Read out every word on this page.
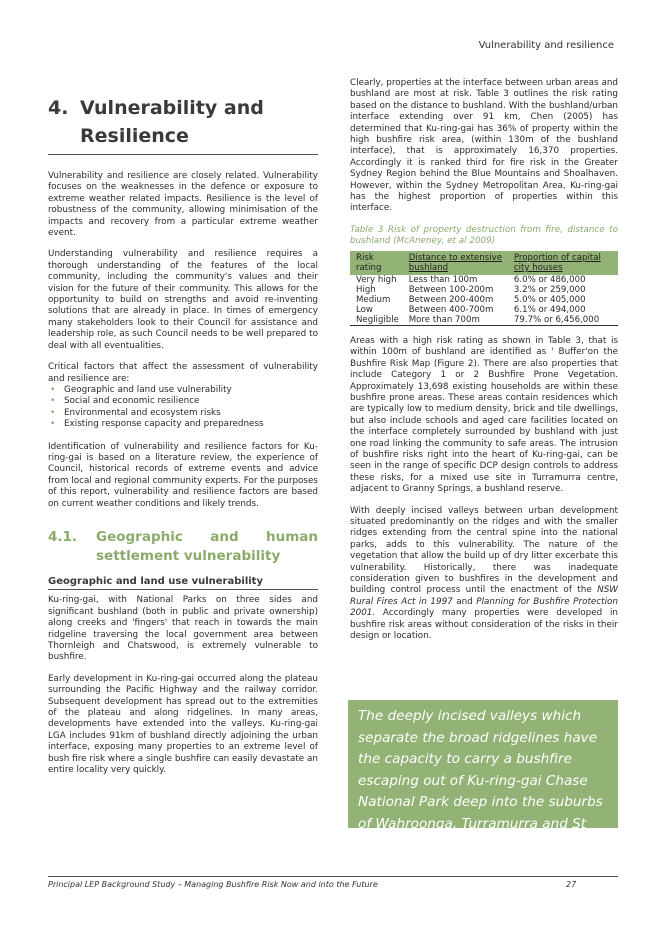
Vulnerability and resilience
4. Vulnerability and Resilience

Vulnerability and resilience are closely related. Vulnerability focuses on the weaknesses in the defence or exposure to extreme weather related impacts. Resilience is the level of robustness of the community, allowing minimisation of the impacts and recovery from a particular extreme weather event.

Understanding vulnerability and resilience requires a thorough understanding of the features of the local community, including the community's values and their vision for the future of their community. This allows for the opportunity to build on strengths and avoid re-inventing solutions that are already in place. In times of emergency many stakeholders look to their Council for assistance and leadership role, as such Council needs to be well prepared to deal with all eventualities.

Critical factors that affect the assessment of vulnerability and resilience are:

• Geographic and land use vulnerability
• Social and economic resilience
• Environmental and ecosystem risks
• Existing response capacity and preparedness

Identification of vulnerability and resilience factors for Ku-ring-gai is based on a literature review, the experience of Council, historical records of extreme events and advice from local and regional community experts. For the purposes of this report, vulnerability and resilience factors are based on current weather conditions and likely trends.

4.1.	Geographic and human settlement vulnerability
Geographic and land use vulnerability

Ku-ring-gai, with National Parks on three sides and significant bushland (both in public and private ownership) along creeks and 'fingers' that reach in towards the main ridgeline traversing the local government area between Thornleigh and Chatswood, is extremely vulnerable to bushfire.

Early development in Ku-ring-gai occurred along the plateau surrounding the Pacific Highway and the railway corridor. Subsequent development has spread out to the extremities of the plateau and along ridgelines. In many areas, developments have extended into the valleys. Ku-ring-gai LGA includes 91km of bushland directly adjoining the urban interface, exposing many properties to an extreme level of bush fire risk where a single bushfire can easily devastate an entire locality very quickly.

Clearly, properties at the interface between urban areas and bushland are most at risk. Table 3 outlines the risk rating based on the distance to bushland. With the bushland/urban interface extending over 91 km, Chen (2005) has determined that Ku-ring-gai has 36% of property within the high bushfire risk area, (within 130m of the bushland interface), that is approximately 16,370 properties. Accordingly it is ranked third for fire risk in the Greater Sydney Region behind the Blue Mountains and Shoalhaven. However, within the Sydney Metropolitan Area, Ku-ring-gai has the highest proportion of properties within this interface.

Table 3 Risk of property destruction from fire, distance to bushland (McAneney, et al 2009)
Risk rating	Distance to extensive bushland	Proportion of capital city houses
Very high	Less than 100m	6.0% or 486,000
High	Between 100-200m	3.2% or 259,000
Medium	Between 200-400m	5.0% or 405,000
Low	Between 400-700m	6.1% or 494,000
Negligible	More than 700m	79.7% or 6,456,000

Areas with a high risk rating as shown in Table 3, that is within 100m of bushland are identified as ' Buffer'on the Bushfire Risk Map (Figure 2). There are also properties that include Category 1 or 2 Bushfire Prone Vegetation. Approximately 13,698 existing households are within these bushfire prone areas. These areas contain residences which are typically low to medium density, brick and tile dwellings, but also include schools and aged care facilities located on the interface completely surrounded by bushland with just one road linking the community to safe areas. The intrusion of bushfire risks right into the heart of Ku-ring-gai, can be seen in the range of specific DCP design controls to address these risks, for a mixed use site in Turramurra centre, adjacent to Granny Springs, a bushland reserve.

With deeply incised valleys between urban development situated predominantly on the ridges and with the smaller ridges extending from the central spine into the national parks, adds to this vulnerability. The nature of the vegetation that allow the build up of dry litter excerbate this vulnerability. Historically, there was inadequate consideration given to bushfires in the development and building control process until the enactment of the NSW Rural Fires Act in 1997 and Planning for Bushfire Protection 2001. Accordingly many properties were developed in bushfire risk areas without consideration of the risks in their design or location.

The deeply incised valleys which separate the broad ridgelines have the capacity to carry a bushfire escaping out of Ku-ring-gai Chase National Park deep into the suburbs of Wahroonga, Turramurra and St Ives.
Principal LEP Background Study – Managing Bushfire Risk Now and into the Future	27
